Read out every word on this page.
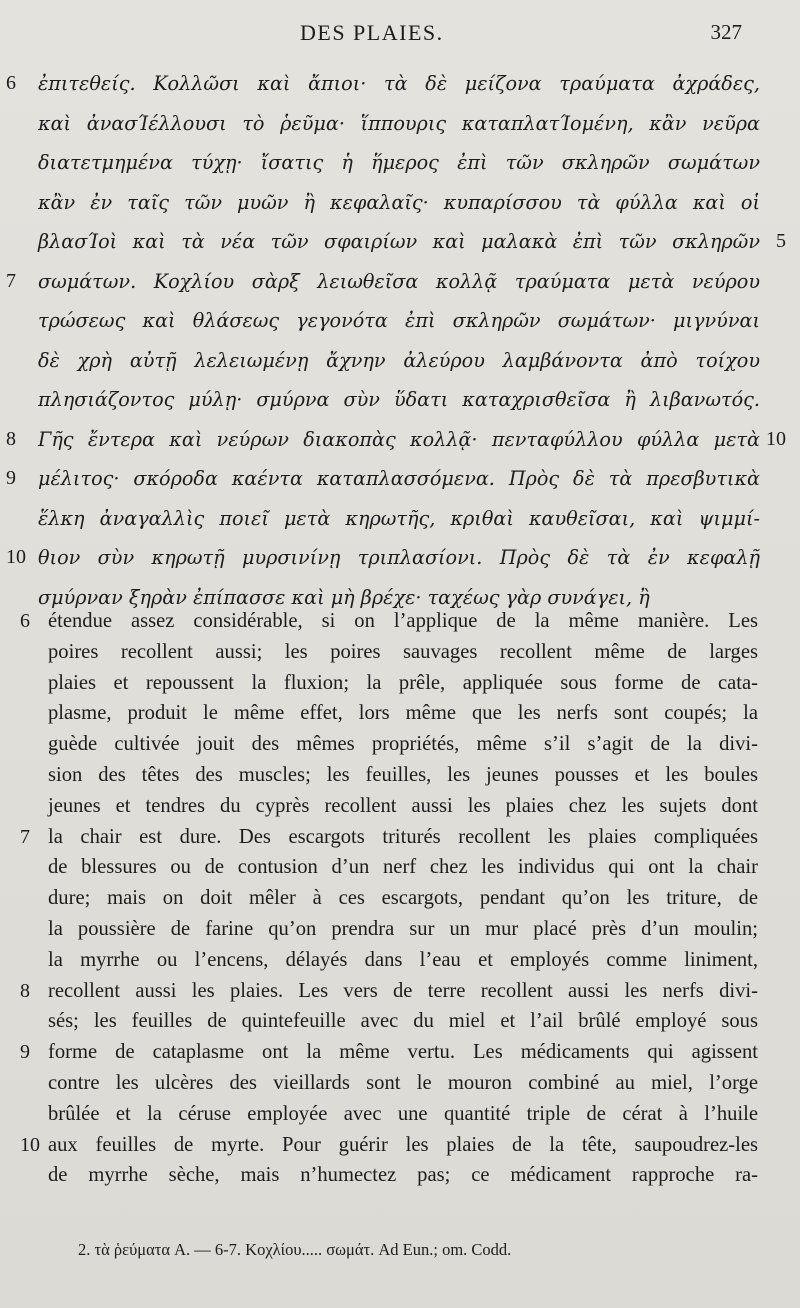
DES PLAIES.	327
6 ἐπιτεθείς. Κολλῶσι καὶ ἄπιοι· τὰ δὲ μείζονα τραύματα ἀχράδες,
καὶ ἀνασΊέλλουσι τὸ ῥεῦμα· ἵππουρις καταπλατΊομένη, κἂν νεῦρα
διατετμημένα τύχῃ· ἴσατις ἡ ἥμερος ἐπὶ τῶν σκληρῶν σωμάτων
κἂν ἐν ταῖς τῶν μυῶν ἢ κεφαλαῖς· κυπαρίσσου τὰ φύλλα καὶ οἱ
βλασΊοὶ καὶ τὰ νέα τῶν σφαιρίων καὶ μαλακὰ ἐπὶ τῶν σκληρῶν 5
7 σωμάτων. Κοχλίου σὰρξ λειωθεῖσα κολλᾷ τραύματα μετὰ νεύρου
τρώσεως καὶ θλάσεως γεγονότα ἐπὶ σκληρῶν σωμάτων· μιγνύναι
δὲ χρὴ αὐτῇ λελειωμένῃ ἄχνην ἀλεύρου λαμβάνοντα ἀπὸ τοίχου
πλησιάζοντος μύλῃ· σμύρνα σὺν ὕδατι καταχρισθεῖσα ἢ λιβανωτός.
8 Γῆς ἔντερα καὶ νεύρων διακοπὰς κολλᾷ· πενταφύλλου φύλλα μετὰ 10
9 μέλιτος· σκόροδα καέντα καταπλασσόμενα. Πρὸς δὲ τὰ πρεσβυτικὰ
ἕλκη ἀναγαλλὶς ποιεῖ μετὰ κηρωτῆς, κριθαὶ καυθεῖσαι, καὶ ψιμμί-
10 θιον σὺν κηρωτῇ μυρσινίνῃ τριπλασίονι. Πρὸς δὲ τὰ ἐν κεφαλῇ
σμύρναν ξηρὰν ἐπίπασσε καὶ μὴ βρέχε· ταχέως γὰρ συνάγει, ἢ
6 étendue assez considérable, si on l’applique de la même manière. Les
poires recollent aussi; les poires sauvages recollent même de larges
plaies et repoussent la fluxion; la prêle, appliquée sous forme de cata-
plasme, produit le même effet, lors même que les nerfs sont coupés; la
guède cultivée jouit des mêmes propriétés, même s’il s’agit de la divi-
sion des têtes des muscles; les feuilles, les jeunes pousses et les boules
jeunes et tendres du cyprès recollent aussi les plaies chez les sujets dont
7 la chair est dure. Des escargots triturés recollent les plaies compliquées
de blessures ou de contusion d’un nerf chez les individus qui ont la chair
dure; mais on doit mêler à ces escargots, pendant qu’on les triture, de
la poussière de farine qu’on prendra sur un mur placé près d’un moulin;
la myrrhe ou l’encens, délayés dans l’eau et employés comme liniment,
8 recollent aussi les plaies. Les vers de terre recollent aussi les nerfs divi-
sés; les feuilles de quintefeuille avec du miel et l’ail brûlé employé sous
9 forme de cataplasme ont la même vertu. Les médicaments qui agissent
contre les ulcères des vieillards sont le mouron combiné au miel, l’orge
brûlée et la céruse employée avec une quantité triple de cérat à l’huile
10 aux feuilles de myrte. Pour guérir les plaies de la tête, saupoudrez-les
de myrrhe sèche, mais n’humectez pas; ce médicament rapproche ra-
2. τὰ ῥεύματα A. — 6-7. Κοχλίου..... σωμάτ. Ad Eun.; om. Codd.
